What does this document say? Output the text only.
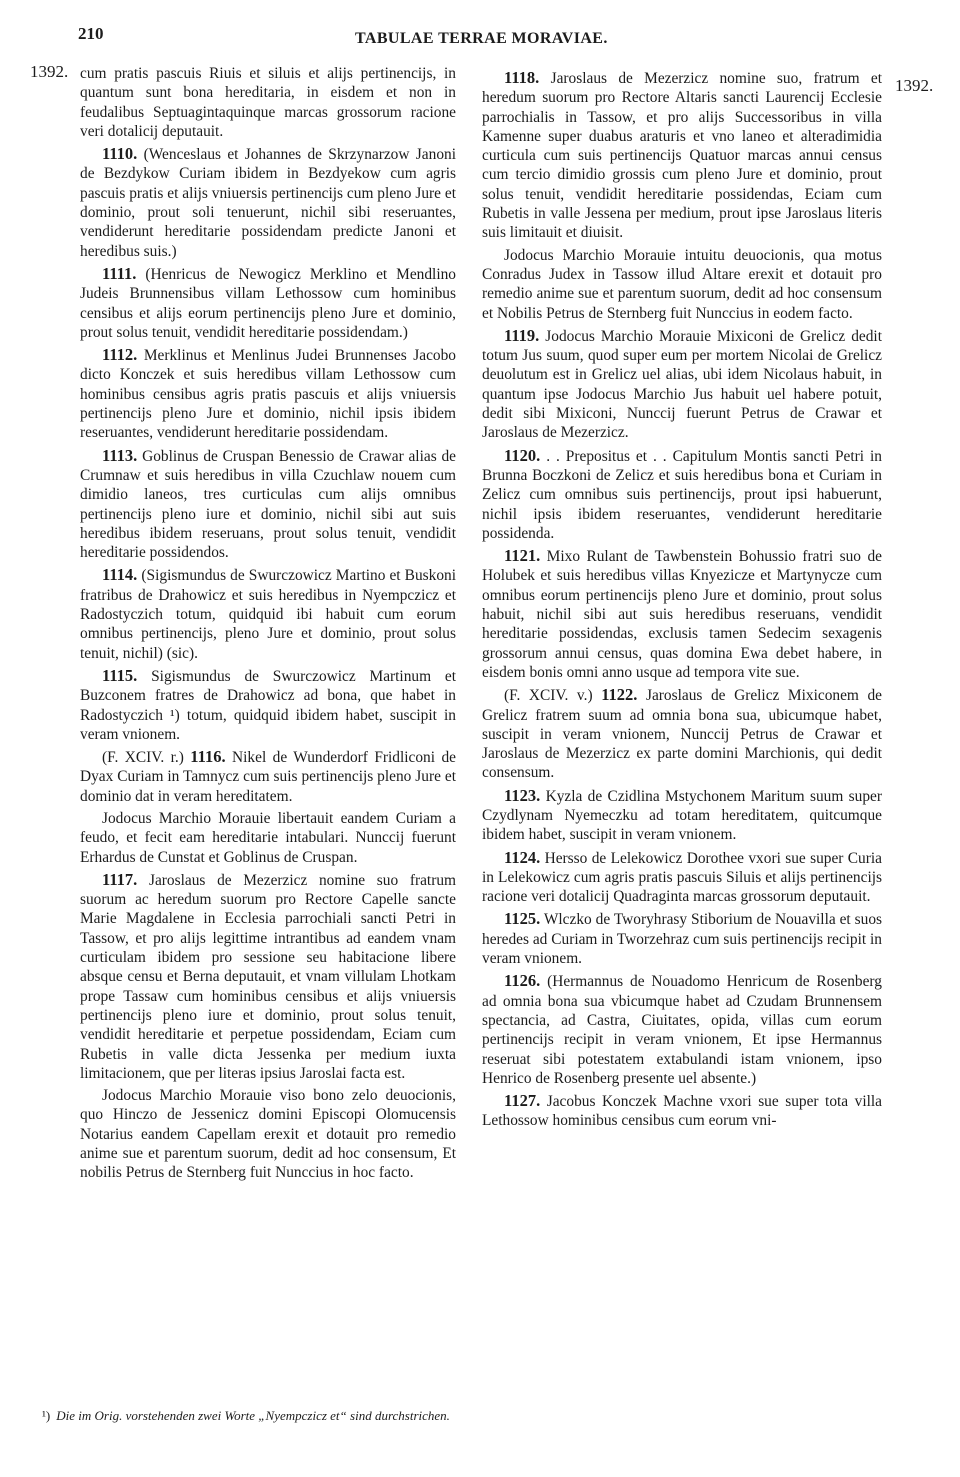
210	TABULAE TERRAE MORAVIAE.
1392.
1392.

cum pratis pascuis Riuis et siluis et alijs pertinencijs, in quantum sunt bona hereditaria, in eisdem et non in feudalibus Septuagintaquinque marcas grossorum racione veri dotalicij deputauit.

1110. (Wenceslaus et Johannes de Skrzynarzow Janoni de Bezdykow Curiam ibidem in Bezdyekow cum agris pascuis pratis et alijs vniuersis pertinencijs cum pleno Jure et dominio, prout soli tenuerunt, nichil sibi reseruantes, vendiderunt hereditarie possidendam predicte Janoni et heredibus suis.)

1111. (Henricus de Newogicz Merklino et Mendlino Judeis Brunnensibus villam Lethossow cum hominibus censibus et alijs eorum pertinencijs pleno Jure et dominio, prout solus tenuit, vendidit hereditarie possidendam.)

1112. Merklinus et Menlinus Judei Brunnenses Jacobo dicto Konczek et suis heredibus villam Lethossow cum hominibus censibus agris pratis pascuis et alijs vniuersis pertinencijs pleno Jure et dominio, nichil ipsis ibidem reseruantes, vendiderunt hereditarie possidendam.

1113. Goblinus de Cruspan Benessio de Crawar alias de Crumnaw et suis heredibus in villa Czuchlaw nouem cum dimidio laneos, tres curticulas cum alijs omnibus pertinencijs pleno iure et dominio, nichil sibi aut suis heredibus ibidem reseruans, prout solus tenuit, vendidit hereditarie possidendos.

1114. (Sigismundus de Swurczowicz Martino et Buskoni fratribus de Drahowicz et suis heredibus in Nyempczicz et Radostyczich totum, quidquid ibi habuit cum eorum omnibus pertinencijs, pleno Jure et dominio, prout solus tenuit, nichil) (sic).

1115. Sigismundus de Swurczowicz Martinum et Buzconem fratres de Drahowicz ad bona, que habet in Radostyczich ¹) totum, quidquid ibidem habet, suscipit in veram vnionem.

(F. XCIV. r.) 1116. Nikel de Wunderdorf Fridliconi de Dyax Curiam in Tamnycz cum suis pertinencijs pleno Jure et dominio dat in veram hereditatem.

Jodocus Marchio Morauie libertauit eandem Curiam a feudo, et fecit eam hereditarie intabulari. Nunccij fuerunt Erhardus de Cunstat et Goblinus de Cruspan.

1117. Jaroslaus de Mezerzicz nomine suo fratrum suorum ac heredum suorum pro Rectore Capelle sancte Marie Magdalene in Ecclesia parrochiali sancti Petri in Tassow, et pro alijs legittime intrantibus ad eandem vnam curticulam ibidem pro sessione seu habitacione libere absque censu et Berna deputauit, et vnam villulam Lhotkam prope Tassaw cum hominibus censibus et alijs vniuersis pertinencijs pleno iure et dominio, prout solus tenuit, vendidit hereditarie et perpetue possidendam, Eciam cum Rubetis in valle dicta Jessenka per medium iuxta limitacionem, que per literas ipsius Jaroslai facta est.

Jodocus Marchio Morauie viso bono zelo deuocionis, quo Hinczo de Jessenicz domini Episcopi Olomucensis Notarius eandem Capellam erexit et dotauit pro remedio anime sue et parentum suorum, dedit ad hoc consensum, Et nobilis Petrus de Sternberg fuit Nunccius in hoc facto.

1118. Jaroslaus de Mezerzicz nomine suo, fratrum et heredum suorum pro Rectore Altaris sancti Laurencij Ecclesie parrochialis in Tassow, et pro alijs Successoribus in villa Kamenne super duabus araturis et vno laneo et alteradimidia curticula cum suis pertinencijs Quatuor marcas annui census cum tercio dimidio grossis cum pleno Jure et dominio, prout solus tenuit, vendidit hereditarie possidendas, Eciam cum Rubetis in valle Jessena per medium, prout ipse Jaroslaus literis suis limitauit et diuisit.

Jodocus Marchio Morauie intuitu deuocionis, qua motus Conradus Judex in Tassow illud Altare erexit et dotauit pro remedio anime sue et parentum suorum, dedit ad hoc consensum et Nobilis Petrus de Sternberg fuit Nunccius in eodem facto.

1119. Jodocus Marchio Morauie Mixiconi de Grelicz dedit totum Jus suum, quod super eum per mortem Nicolai de Grelicz deuolutum est in Grelicz uel alias, ubi idem Nicolaus habuit, in quantum ipse Jodocus Marchio Jus habuit uel habere potuit, dedit sibi Mixiconi, Nunccij fuerunt Petrus de Crawar et Jaroslaus de Mezerzicz.

1120. . . Prepositus et . . Capitulum Montis sancti Petri in Brunna Boczkoni de Zelicz et suis heredibus bona et Curiam in Zelicz cum omnibus suis pertinencijs, prout ipsi habuerunt, nichil ipsis ibidem reseruantes, vendiderunt hereditarie possidenda.

1121. Mixo Rulant de Tawbenstein Bohussio fratri suo de Holubek et suis heredibus villas Knyezicze et Martynycze cum omnibus eorum pertinencijs pleno Jure et dominio, prout solus habuit, nichil sibi aut suis heredibus reseruans, vendidit hereditarie possidendas, exclusis tamen Sedecim sexagenis grossorum annui census, quas domina Ewa debet habere, in eisdem bonis omni anno usque ad tempora vite sue.

(F. XCIV. v.) 1122. Jaroslaus de Grelicz Mixiconem de Grelicz fratrem suum ad omnia bona sua, ubicumque habet, suscipit in veram vnionem, Nunccij Petrus de Crawar et Jaroslaus de Mezerzicz ex parte domini Marchionis, qui dedit consensum.

1123. Kyzla de Czidlina Mstychonem Maritum suum super Czydlynam Nyemeczku ad totam hereditatem, quitcumque ibidem habet, suscipit in veram vnionem.

1124. Hersso de Lelekowicz Dorothee vxori sue super Curia in Lelekowicz cum agris pratis pascuis Siluis et alijs pertinencijs racione veri dotalicij Quadraginta marcas grossorum deputauit.

1125. Wlczko de Tworyhrasy Stiborium de Nouavilla et suos heredes ad Curiam in Tworzehraz cum suis pertinencijs recipit in veram vnionem.

1126. (Hermannus de Nouadomo Henricum de Rosenberg ad omnia bona sua vbicumque habet ad Czudam Brunnensem spectancia, ad Castra, Ciuitates, opida, villas cum eorum pertinencijs recipit in veram vnionem, Et ipse Hermannus reseruat sibi potestatem extabulandi istam vnionem, ipso Henrico de Rosenberg presente uel absente.)

1127. Jacobus Konczek Machne vxori sue super tota villa Lethossow hominibus censibus cum eorum vni-

¹) Die im Orig. vorstehenden zwei Worte „Nyempczicz et“ sind durchstrichen.
